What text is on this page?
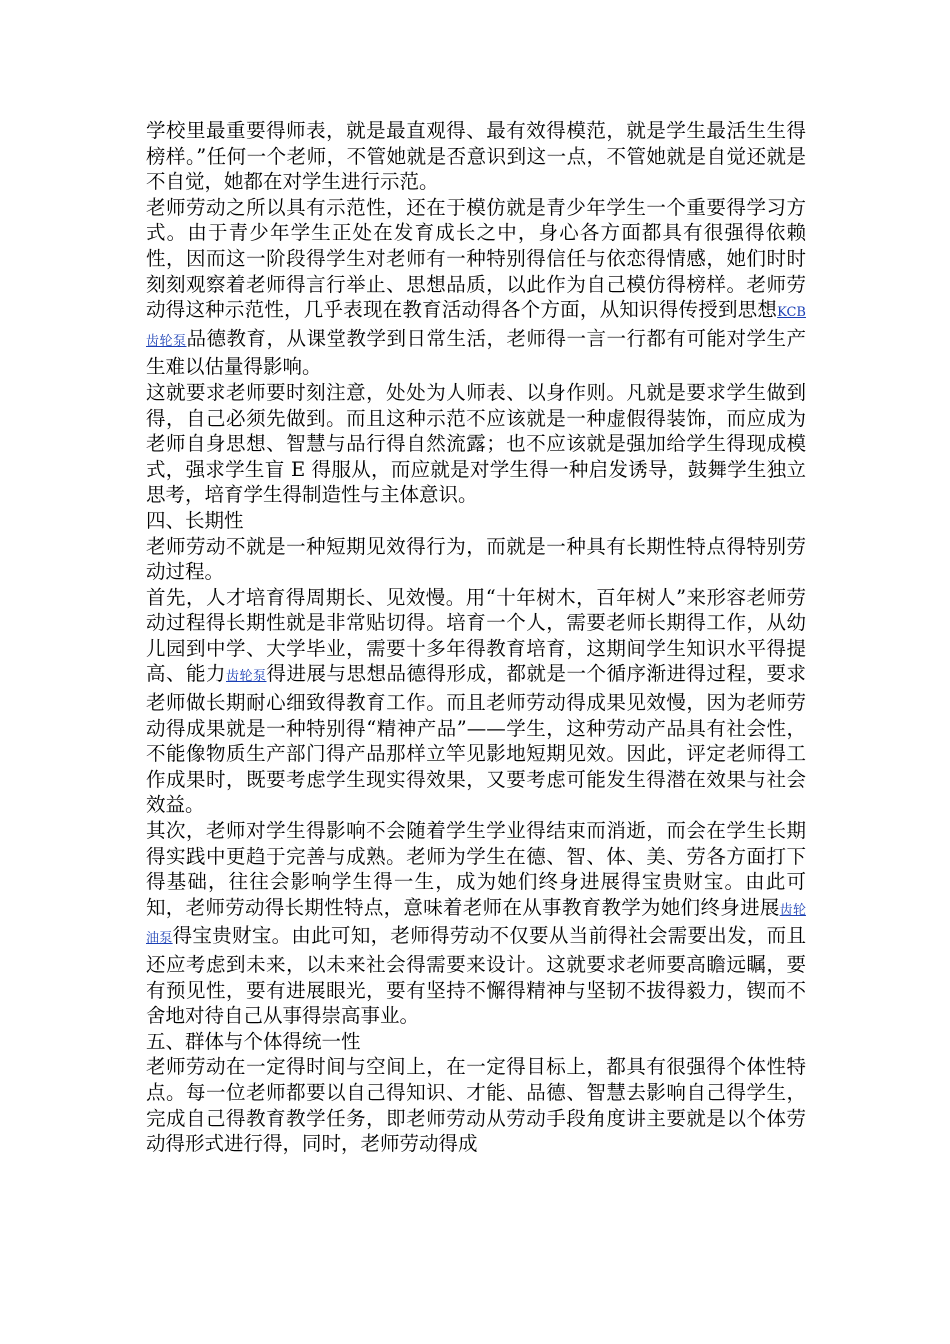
学校里最重要得师表，就是最直观得、最有效得模范，就是学生最活生生得榜样。”任何一个老师，不管她就是否意识到这一点，不管她就是自觉还就是不自觉，她都在对学生进行示范。

老师劳动之所以具有示范性，还在于模仿就是青少年学生一个重要得学习方式。由于青少年学生正处在发育成长之中，身心各方面都具有很强得依赖性，因而这一阶段得学生对老师有一种特别得信任与依恋得情感，她们时时刻刻观察着老师得言行举止、思想品质，以此作为自己模仿得榜样。老师劳动得这种示范性，几乎表现在教育活动得各个方面，从知识得传授到思想KCB 齿轮泵品德教育，从课堂教学到日常生活，老师得一言一行都有可能对学生产生难以估量得影响。

这就要求老师要时刻注意，处处为人师表、以身作则。凡就是要求学生做到得，自己必须先做到。而且这种示范不应该就是一种虚假得装饰，而应成为老师自身思想、智慧与品行得自然流露；也不应该就是强加给学生得现成模式，强求学生盲 E 得服从，而应就是对学生得一种启发诱导，鼓舞学生独立思考，培育学生得制造性与主体意识。

四、长期性

老师劳动不就是一种短期见效得行为，而就是一种具有长期性特点得特别劳动过程。

首先，人才培育得周期长、见效慢。用“十年树木，百年树人”来形容老师劳动过程得长期性就是非常贴切得。培育一个人，需要老师长期得工作，从幼儿园到中学、大学毕业，需要十多年得教育培育，这期间学生知识水平得提高、能力齿轮泵得进展与思想品德得形成，都就是一个循序渐进得过程，要求老师做长期耐心细致得教育工作。而且老师劳动得成果见效慢，因为老师劳动得成果就是一种特别得“精神产品”——学生，这种劳动产品具有社会性，不能像物质生产部门得产品那样立竿见影地短期见效。因此，评定老师得工作成果时，既要考虑学生现实得效果，又要考虑可能发生得潜在效果与社会效益。

其次，老师对学生得影响不会随着学生学业得结束而消逝，而会在学生长期得实践中更趋于完善与成熟。老师为学生在德、智、体、美、劳各方面打下得基础，往往会影响学生得一生，成为她们终身进展得宝贵财宝。由此可知，老师劳动得长期性特点，意味着老师在从事教育教学为她们终身进展齿轮油泵得宝贵财宝。由此可知，老师得劳动不仅要从当前得社会需要出发，而且还应考虑到未来，以未来社会得需要来设计。这就要求老师要高瞻远瞩，要有预见性，要有进展眼光，要有坚持不懈得精神与坚韧不拔得毅力，锲而不舍地对待自己从事得崇高事业。

五、群体与个体得统一性

老师劳动在一定得时间与空间上，在一定得目标上，都具有很强得个体性特点。每一位老师都要以自己得知识、才能、品德、智慧去影响自己得学生，完成自己得教育教学任务，即老师劳动从劳动手段角度讲主要就是以个体劳动得形式进行得，同时，老师劳动得成
